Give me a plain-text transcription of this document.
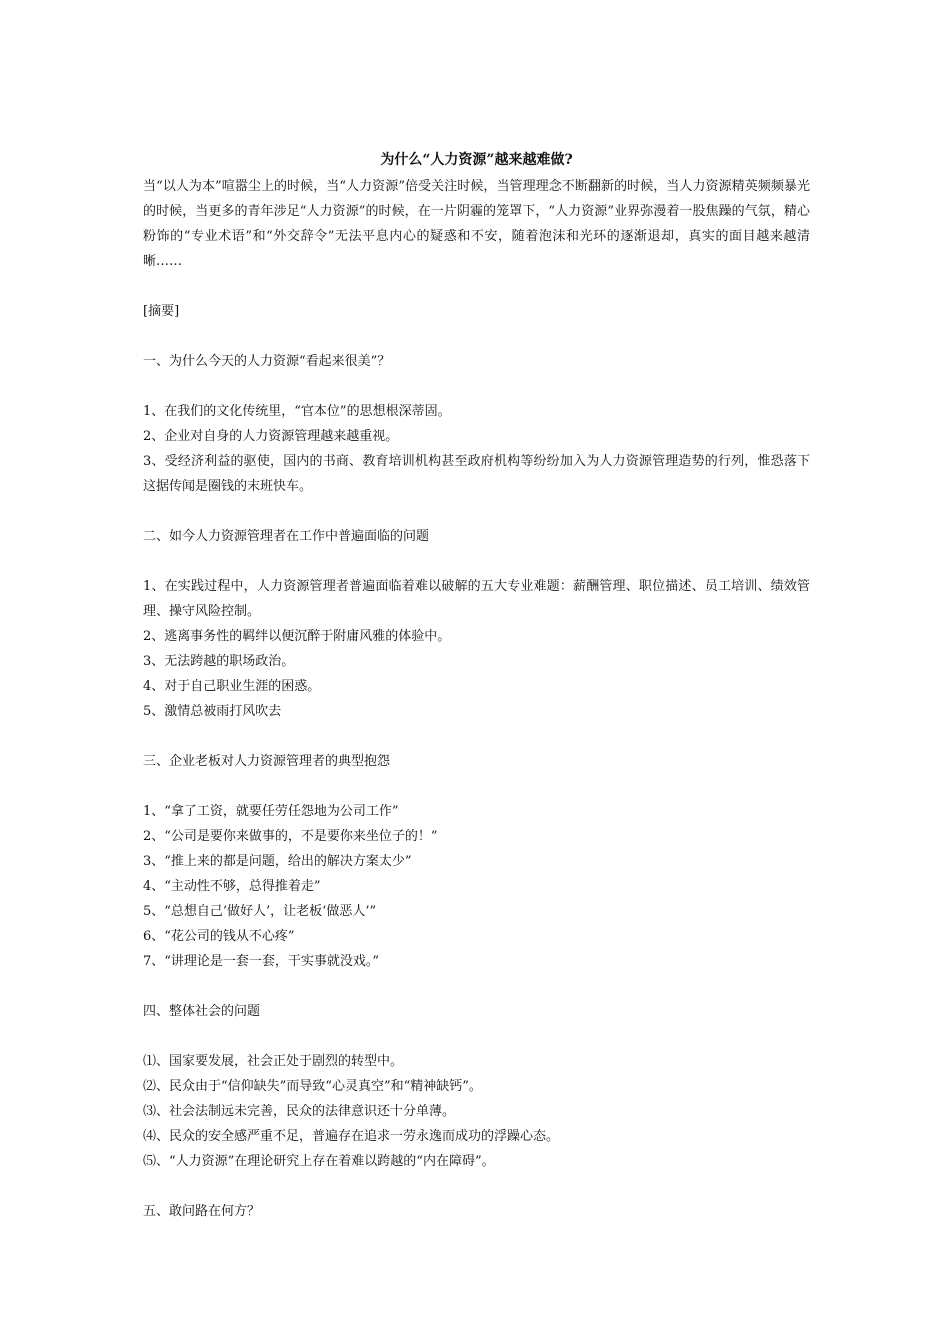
为什么“人力资源”越来越难做?

当“以人为本”喧嚣尘上的时候，当“人力资源”倍受关注时候，当管理理念不断翻新的时候，当人力资源精英频频暴光的时候，当更多的青年涉足“人力资源”的时候，在一片阴霾的笼罩下，“人力资源”业界弥漫着一股焦躁的气氛，精心粉饰的“专业术语”和“外交辞令”无法平息内心的疑惑和不安，随着泡沫和光环的逐渐退却，真实的面目越来越清晰……

[摘要]

一、为什么今天的人力资源“看起来很美”？

1、在我们的文化传统里，“官本位”的思想根深蒂固。

2、企业对自身的人力资源管理越来越重视。

3、受经济利益的驱使，国内的书商、教育培训机构甚至政府机构等纷纷加入为人力资源管理造势的行列，惟恐落下这据传闻是圈钱的末班快车。

二、如今人力资源管理者在工作中普遍面临的问题

1、在实践过程中，人力资源管理者普遍面临着难以破解的五大专业难题：薪酬管理、职位描述、员工培训、绩效管理、操守风险控制。

2、逃离事务性的羁绊以便沉醉于附庸风雅的体验中。

3、无法跨越的职场政治。

4、对于自己职业生涯的困惑。

5、激情总被雨打风吹去

三、企业老板对人力资源管理者的典型抱怨

1、“拿了工资，就要任劳任怨地为公司工作”

2、“公司是要你来做事的，不是要你来坐位子的！”

3、“推上来的都是问题，给出的解决方案太少”

4、“主动性不够，总得推着走”

5、“总想自己‘做好人’，让老板‘做恶人’”

6、“花公司的钱从不心疼”

7、“讲理论是一套一套，干实事就没戏。”

四、整体社会的问题

⑴、国家要发展，社会正处于剧烈的转型中。

⑵、民众由于“信仰缺失”而导致“心灵真空”和“精神缺钙”。

⑶、社会法制远未完善，民众的法律意识还十分单薄。

⑷、民众的安全感严重不足，普遍存在追求一劳永逸而成功的浮躁心态。

⑸、“人力资源”在理论研究上存在着难以跨越的“内在障碍”。

五、敢问路在何方？
